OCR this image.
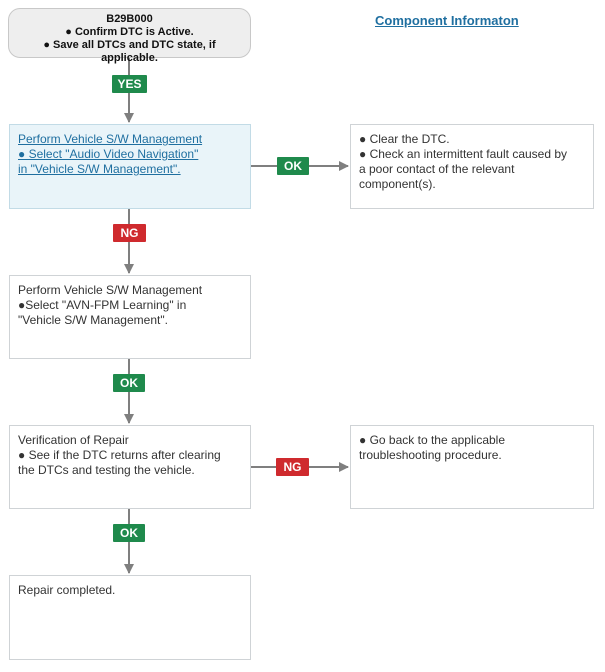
B29B000
● Confirm DTC is Active.
● Save all DTCs and DTC state, if applicable.
Component Informaton
YES
Perform Vehicle S/W Management
● Select "Audio Video Navigation"
in "Vehicle S/W Management".	OK
● Clear the DTC.
● Check an intermittent fault caused by
a poor contact of the relevant
component(s).
NG
Perform Vehicle S/W Management
●Select "AVN-FPM Learning" in
"Vehicle S/W Management".
OK
Verification of Repair
● See if the DTC returns after clearing
the DTCs and testing the vehicle.	NG
● Go back to the applicable
troubleshooting procedure.
OK
Repair completed.
